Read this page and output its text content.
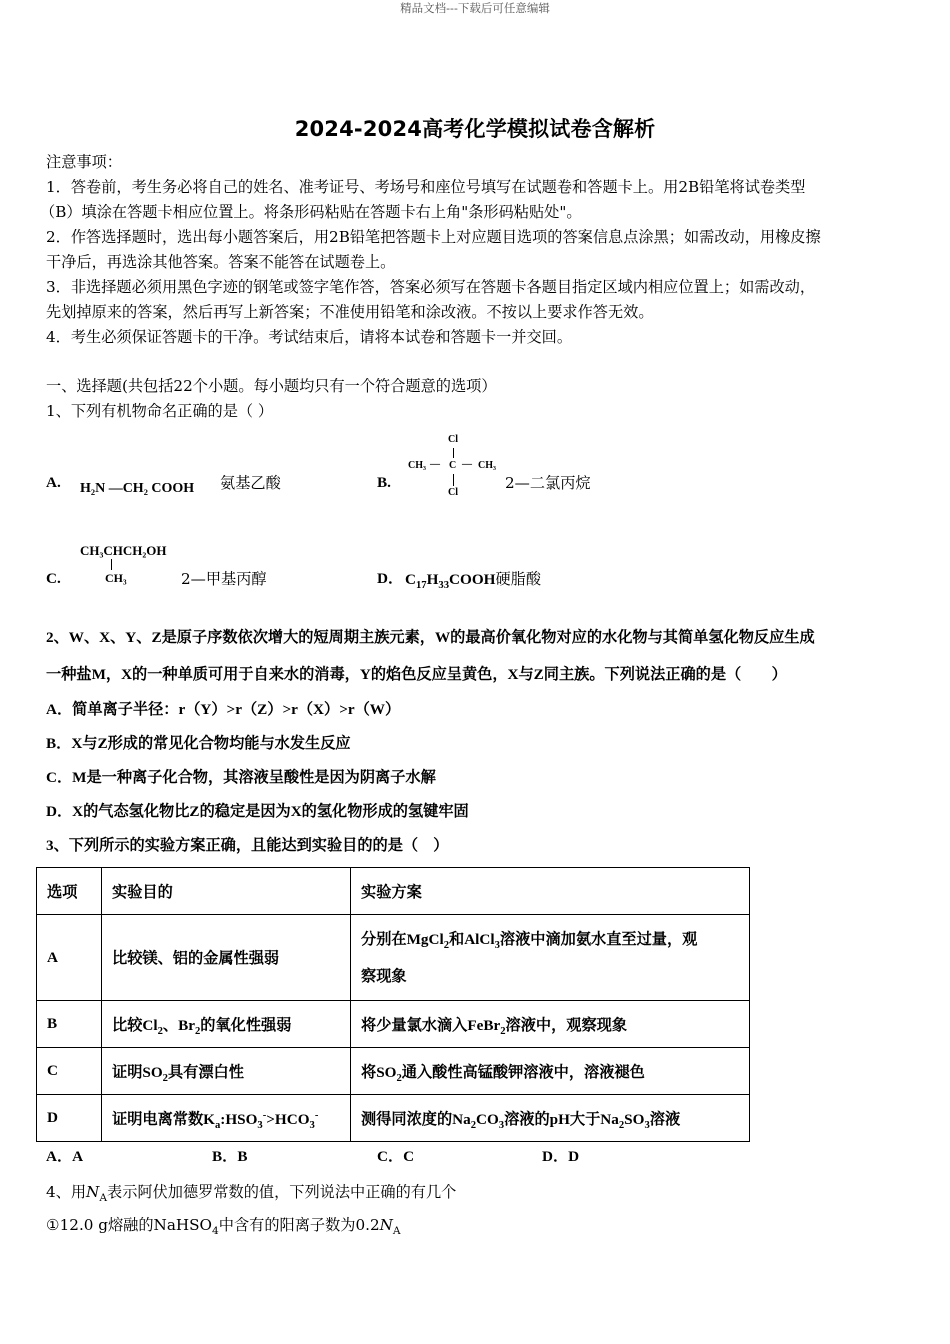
精品文档---下载后可任意编辑
2024-2024高考化学模拟试卷含解析
注意事项：
1．答卷前，考生务必将自己的姓名、准考证号、考场号和座位号填写在试题卷和答题卡上。用2B铅笔将试卷类型
（B）填涂在答题卡相应位置上。将条形码粘贴在答题卡右上角"条形码粘贴处"。
2．作答选择题时，选出每小题答案后，用2B铅笔把答题卡上对应题目选项的答案信息点涂黑；如需改动，用橡皮擦
干净后，再选涂其他答案。答案不能答在试题卷上。
3．非选择题必须用黑色字迹的钢笔或签字笔作答，答案必须写在答题卡各题目指定区域内相应位置上；如需改动，
先划掉原来的答案，然后再写上新答案；不准使用铅笔和涂改液。不按以上要求作答无效。
4．考生必须保证答题卡的干净。考试结束后，请将本试卷和答题卡一并交回。
一、选择题(共包括22个小题。每小题均只有一个符合题意的选项）
1、下列有机物命名正确的是（ ）
A. H₂N —CH₂ COOH 氨基乙酸	B.
Cl
CH₃ — C — CH₃
Cl
2—二氯丙烷
C.
CH₃CHCH₂OH
CH₃	2—甲基丙醇	D． $C_{17}H_{33}COOH$硬脂酸
2、W、X、Y、Z是原子序数依次增大的短周期主族元素，W的最高价氧化物对应的水化物与其简单氢化物反应生成
一种盐M，X的一种单质可用于自来水的消毒，Y的焰色反应呈黄色，X与Z同主族。下列说法正确的是（　　）
A．简单离子半径：r（Y）>r（Z）>r（X）>r（W）
B．X与Z形成的常见化合物均能与水发生反应
C．M是一种离子化合物，其溶液呈酸性是因为阴离子水解
D．X的气态氢化物比Z的稳定是因为X的氢化物形成的氢键牢固
3、下列所示的实验方案正确，且能达到实验目的的是（　）
选项	实验目的	实验方案
A	比较镁、铝的金属性强弱	分别在MgCl$_2$和AlCl$_3$溶液中滴加氨水直至过量，观
察现象

B	比较$Cl_2$、$Br_2$的氧化性强弱	将少量氯水滴入FeBr$_2$溶液中，观察现象
C	证明$SO_2$具有漂白性	将$SO_2$通入酸性高锰酸钾溶液中，溶液褪色
D	证明电离常数$K_a:HSO_3^->HCO_3^-$	测得同浓度的$Na_2CO_3$溶液的pH大于$Na_2SO_3$溶液
A．A	B．B	C．C	D．D
4、用$N_A$表示阿伏加德罗常数的值，下列说法中正确的有几个
①12.0 g熔融的NaHSO$_4$中含有的阳离子数为$0.2N_A$
